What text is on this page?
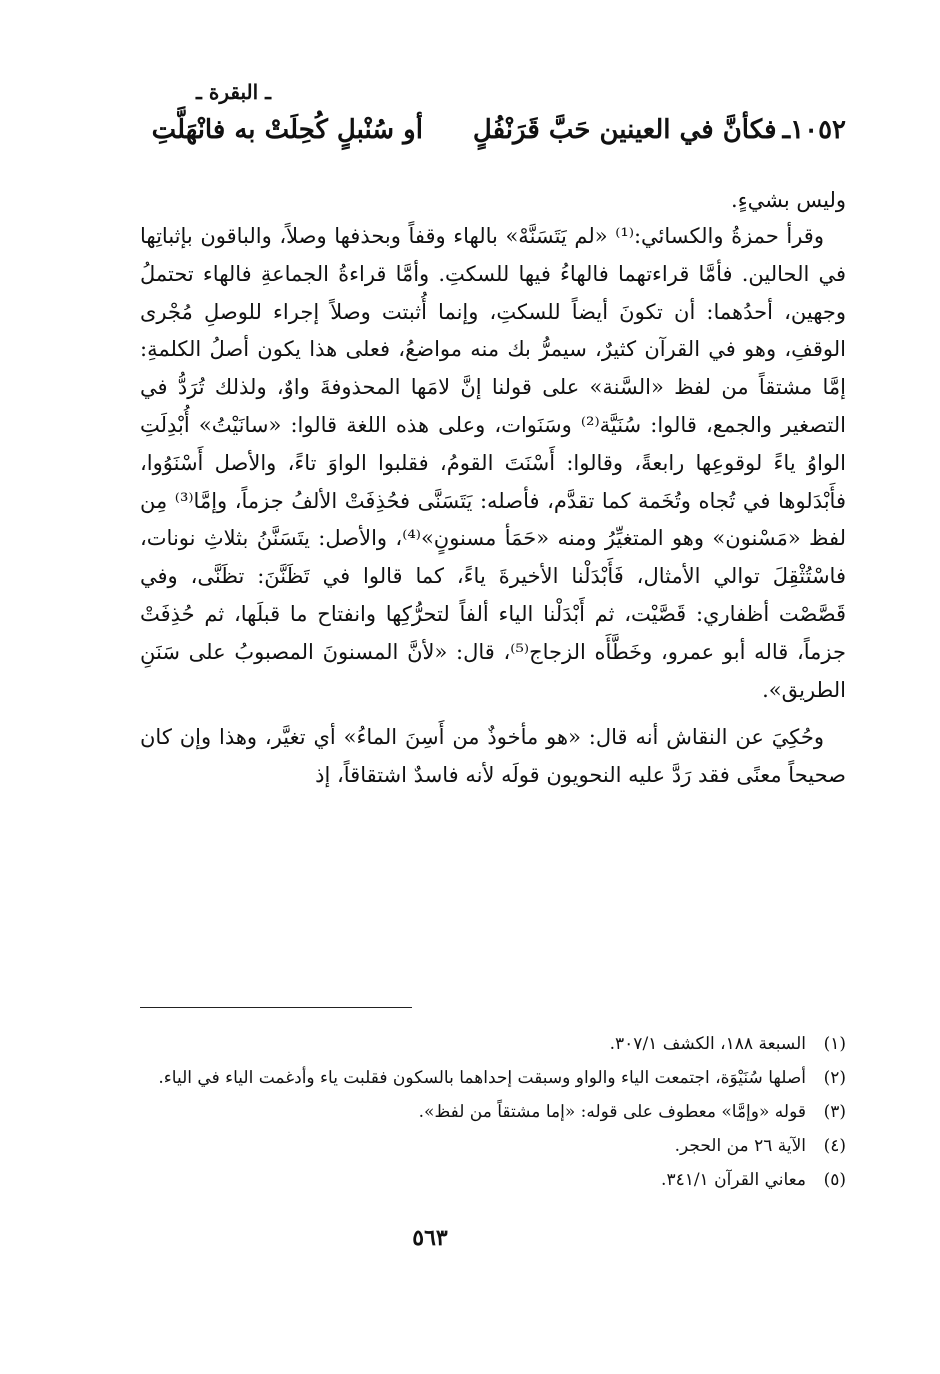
ـ البقرة ـ
١٠٥٢ـ
فكأنَّ في العينين حَبَّ قَرَنْفُلٍ
أو سُنْبلٍ كُحِلَتْ به فانْهَلَّتِ
وليس بشيءٍ.

وقرأ حمزةُ والكسائي:⁽¹⁾ «لم يَتَسَنَّهْ» بالهاء وقفاً وبحذفها وصلاً، والباقون بإثباتِها في الحالين. فأمَّا قراءتهما فالهاءُ فيها للسكتِ. وأمَّا قراءةُ الجماعةِ فالهاء تحتملُ وجهين، أحدُهما: أن تكونَ أيضاً للسكتِ، وإنما أُثبتت وصلاً إجراء للوصلِ مُجْرى الوقفِ، وهو في القرآن كثيرٌ، سيمرُّ بك منه مواضعُ، فعلى هذا يكون أصلُ الكلمةِ: إمَّا مشتقاً من لفظ «السَّنة» على قولنا إنَّ لامَها المحذوفةَ واوٌ، ولذلك تُرَدُّ في التصغير والجمع، قالوا: سُنَيَّة⁽²⁾ وسَنَوات، وعلى هذه اللغة قالوا: «سانَيْتُ» أُبْدِلَتِ الواوُ ياءً لوقوعِها رابعةً، وقالوا: أَسْنَتَ القومُ، فقلبوا الواوَ تاءً، والأصل أَسْنَوُوا، فأَبْدَلوها في تُجاه وتُخَمة كما تقدَّم، فأصله: يَتَسَنَّى فحُذِفَتْ الألفُ جزماً، وإمَّا⁽³⁾ مِن لفظ «مَسْنون» وهو المتغيِّرُ ومنه «حَمَأ مسنونٍ»⁽⁴⁾، والأصل: يتَسَنَّنُ بثلاثِ نونات، فاسْتُثْقِلَ توالي الأمثال، فَأَبْدَلْنا الأخيرةَ ياءً، كما قالوا في تَظَنَّنَ: تظَنَّى، وفي قَصَّصْت أظفاري: قَصَّيْت، ثم أَبْدَلْنا الياء ألفاً لتحرُّكِها وانفتاح ما قبلَها، ثم حُذِفَتْ جزماً، قاله أبو عمرو، وخَطَّأَه الزجاج⁽⁵⁾، قال: «لأنَّ المسنونَ المصبوبُ على سَنَنِ الطريق».

وحُكِيَ عن النقاش أنه قال: «هو مأخوذٌ من أَسِنَ الماءُ» أي تغيَّر، وهذا وإن كان صحيحاً معنًى فقد رَدَّ عليه النحويون قولَه لأنه فاسدٌ اشتقاقاً، إذ

(١)
السبعة ١٨٨، الكشف ٣٠٧/١.
(٢)
أصلها سُنَيْوَة، اجتمعت الياء والواو وسبقت إحداهما بالسكون فقلبت ياء وأدغمت الياء في الياء.
(٣)
قوله «وإمَّا» معطوف على قوله: «إما مشتقاً من لفظ».
(٤)
الآية ٢٦ من الحجر.
(٥)
معاني القرآن ٣٤١/١.
٥٦٣
